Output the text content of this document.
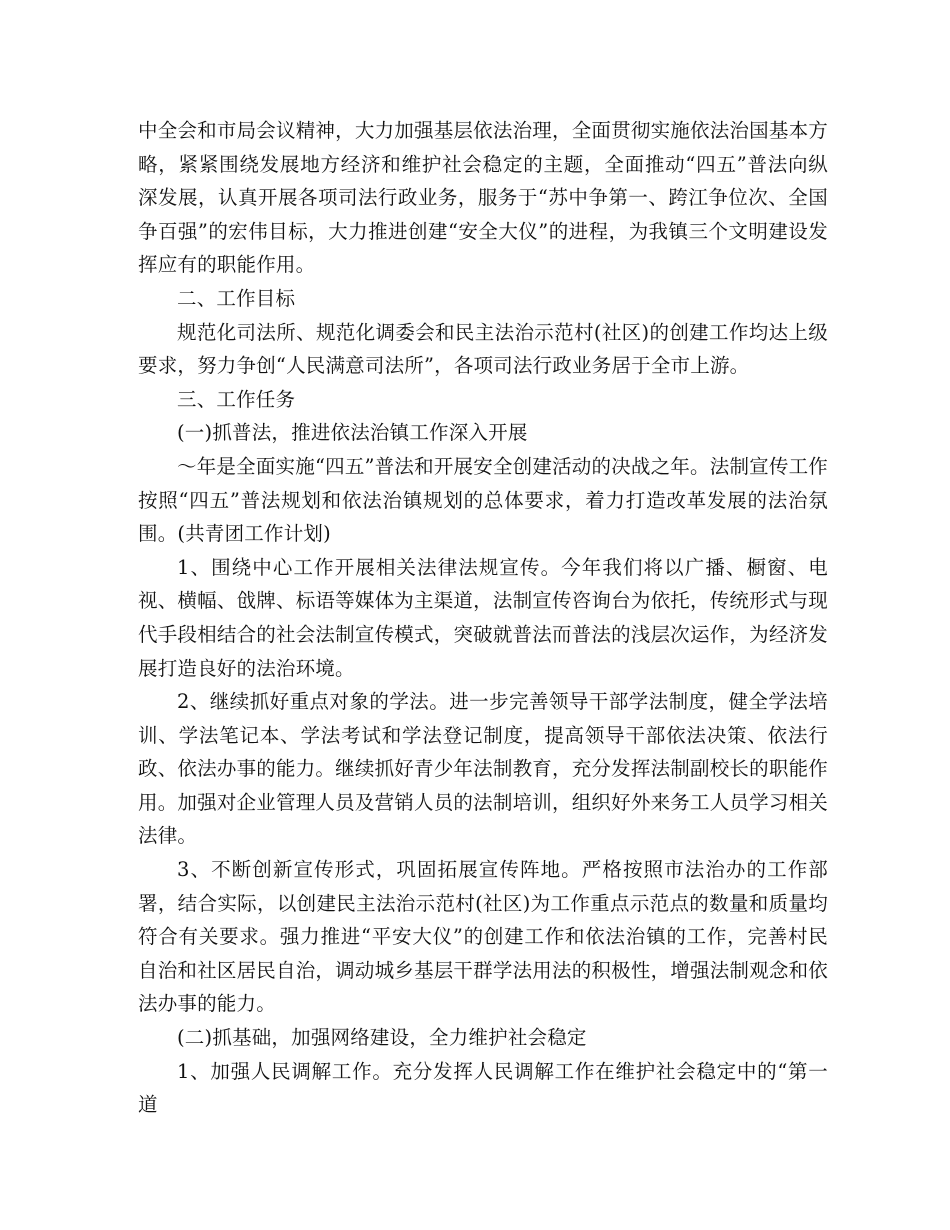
中全会和市局会议精神，大力加强基层依法治理，全面贯彻实施依法治国基本方略，紧紧围绕发展地方经济和维护社会稳定的主题，全面推动“四五”普法向纵深发展，认真开展各项司法行政业务，服务于“苏中争第一、跨江争位次、全国争百强”的宏伟目标，大力推进创建“安全大仪”的进程，为我镇三个文明建设发挥应有的职能作用。

二、工作目标

规范化司法所、规范化调委会和民主法治示范村(社区)的创建工作均达上级要求，努力争创“人民满意司法所”，各项司法行政业务居于全市上游。

三、工作任务

(一)抓普法，推进依法治镇工作深入开展

～年是全面实施“四五”普法和开展安全创建活动的决战之年。法制宣传工作按照“四五”普法规划和依法治镇规划的总体要求，着力打造改革发展的法治氛围。(共青团工作计划)

1、围绕中心工作开展相关法律法规宣传。今年我们将以广播、橱窗、电视、横幅、戗牌、标语等媒体为主渠道，法制宣传咨询台为依托，传统形式与现代手段相结合的社会法制宣传模式，突破就普法而普法的浅层次运作，为经济发展打造良好的法治环境。

2、继续抓好重点对象的学法。进一步完善领导干部学法制度，健全学法培训、学法笔记本、学法考试和学法登记制度，提高领导干部依法决策、依法行政、依法办事的能力。继续抓好青少年法制教育，充分发挥法制副校长的职能作用。加强对企业管理人员及营销人员的法制培训，组织好外来务工人员学习相关法律。

3、不断创新宣传形式，巩固拓展宣传阵地。严格按照市法治办的工作部署，结合实际，以创建民主法治示范村(社区)为工作重点示范点的数量和质量均符合有关要求。强力推进“平安大仪”的创建工作和依法治镇的工作，完善村民自治和社区居民自治，调动城乡基层干群学法用法的积极性，增强法制观念和依法办事的能力。

(二)抓基础，加强网络建设，全力维护社会稳定

1、加强人民调解工作。充分发挥人民调解工作在维护社会稳定中的“第一道
